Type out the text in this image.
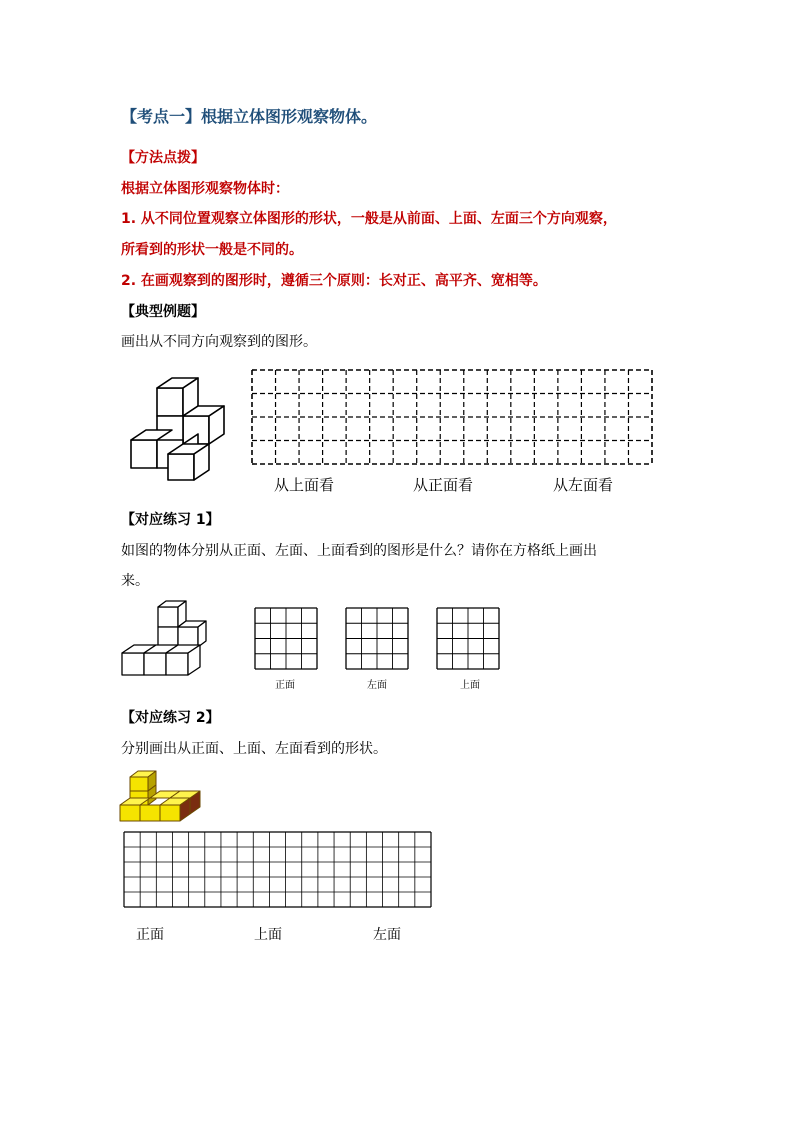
【考点一】根据立体图形观察物体。
【方法点拨】
根据立体图形观察物体时：
1. 从不同位置观察立体图形的形状，一般是从前面、上面、左面三个方向观察，
所看到的形状一般是不同的。
2. 在画观察到的图形时，遵循三个原则：长对正、高平齐、宽相等。
【典型例题】
画出从不同方向观察到的图形。
从上面看	从正面看	从左面看
【对应练习 1】
如图的物体分别从正面、左面、上面看到的图形是什么？请你在方格纸上画出
来。
正面	左面	上面
【对应练习 2】
分别画出从正面、上面、左面看到的形状。
正面	上面	左面
